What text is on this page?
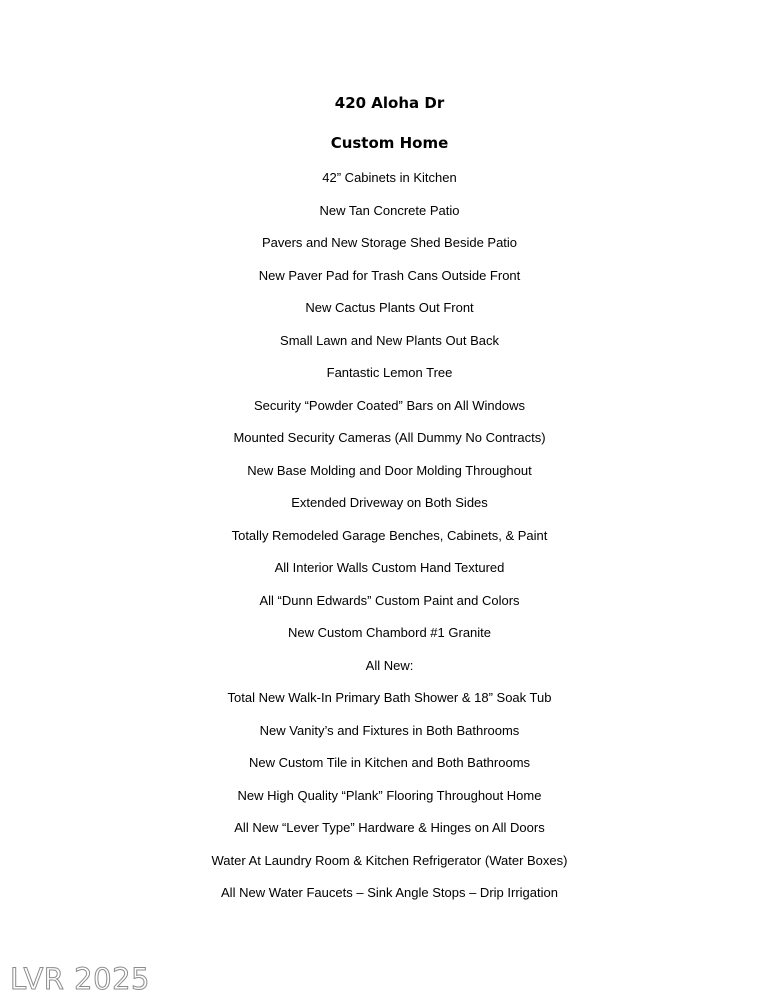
420 Aloha Dr
Custom Home
42” Cabinets in Kitchen
New Tan Concrete Patio
Pavers and New Storage Shed Beside Patio
New Paver Pad for Trash Cans Outside Front
New Cactus Plants Out Front
Small Lawn and New Plants Out Back
Fantastic Lemon Tree
Security “Powder Coated” Bars on All Windows
Mounted Security Cameras (All Dummy No Contracts)
New Base Molding and Door Molding Throughout
Extended Driveway on Both Sides
Totally Remodeled Garage Benches, Cabinets, & Paint
All Interior Walls Custom Hand Textured
All “Dunn Edwards” Custom Paint and Colors
New Custom Chambord #1 Granite
All New:
Total New Walk-In Primary Bath Shower & 18” Soak Tub
New Vanity’s and Fixtures in Both Bathrooms
New Custom Tile in Kitchen and Both Bathrooms
New High Quality “Plank” Flooring Throughout Home
All New “Lever Type” Hardware & Hinges on All Doors
Water At Laundry Room & Kitchen Refrigerator (Water Boxes)
All New Water Faucets – Sink Angle Stops – Drip Irrigation
LVR 2025
